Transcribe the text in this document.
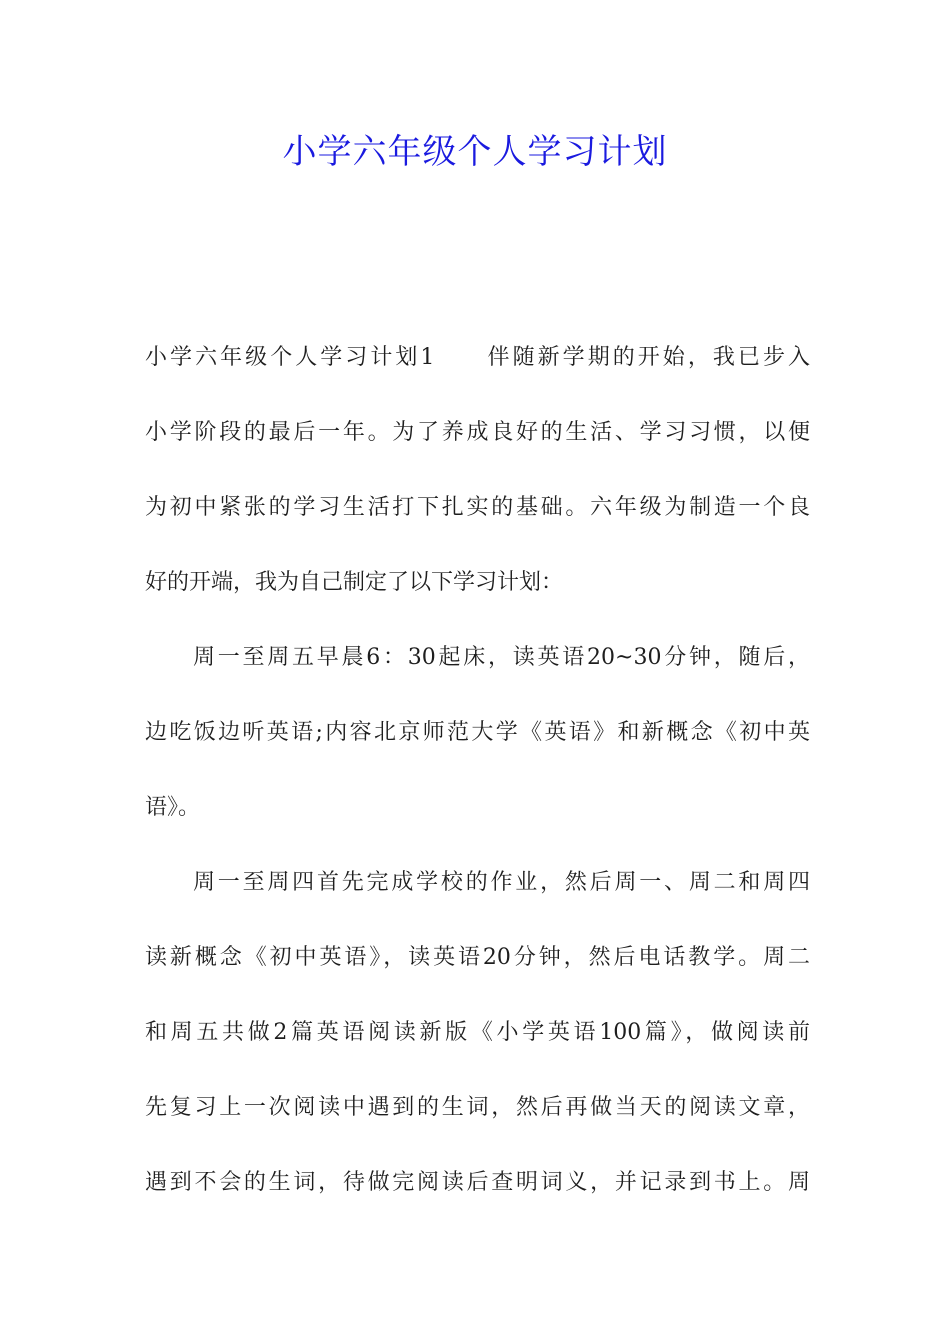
小学六年级个人学习计划

小学六年级个人学习计划1　　伴随新学期的开始，我已步入

小学阶段的最后一年。为了养成良好的生活、学习习惯，以便

为初中紧张的学习生活打下扎实的基础。六年级为制造一个良

好的开端，我为自己制定了以下学习计划：

周一至周五早晨6：30起床，读英语20~30分钟，随后，

边吃饭边听英语;内容北京师范大学《英语》和新概念《初中英

语》。

周一至周四首先完成学校的作业，然后周一、周二和周四

读新概念《初中英语》，读英语20分钟，然后电话教学。周二

和周五共做2篇英语阅读新版《小学英语100篇》，做阅读前

先复习上一次阅读中遇到的生词，然后再做当天的阅读文章，

遇到不会的生词，待做完阅读后查明词义，并记录到书上。周
